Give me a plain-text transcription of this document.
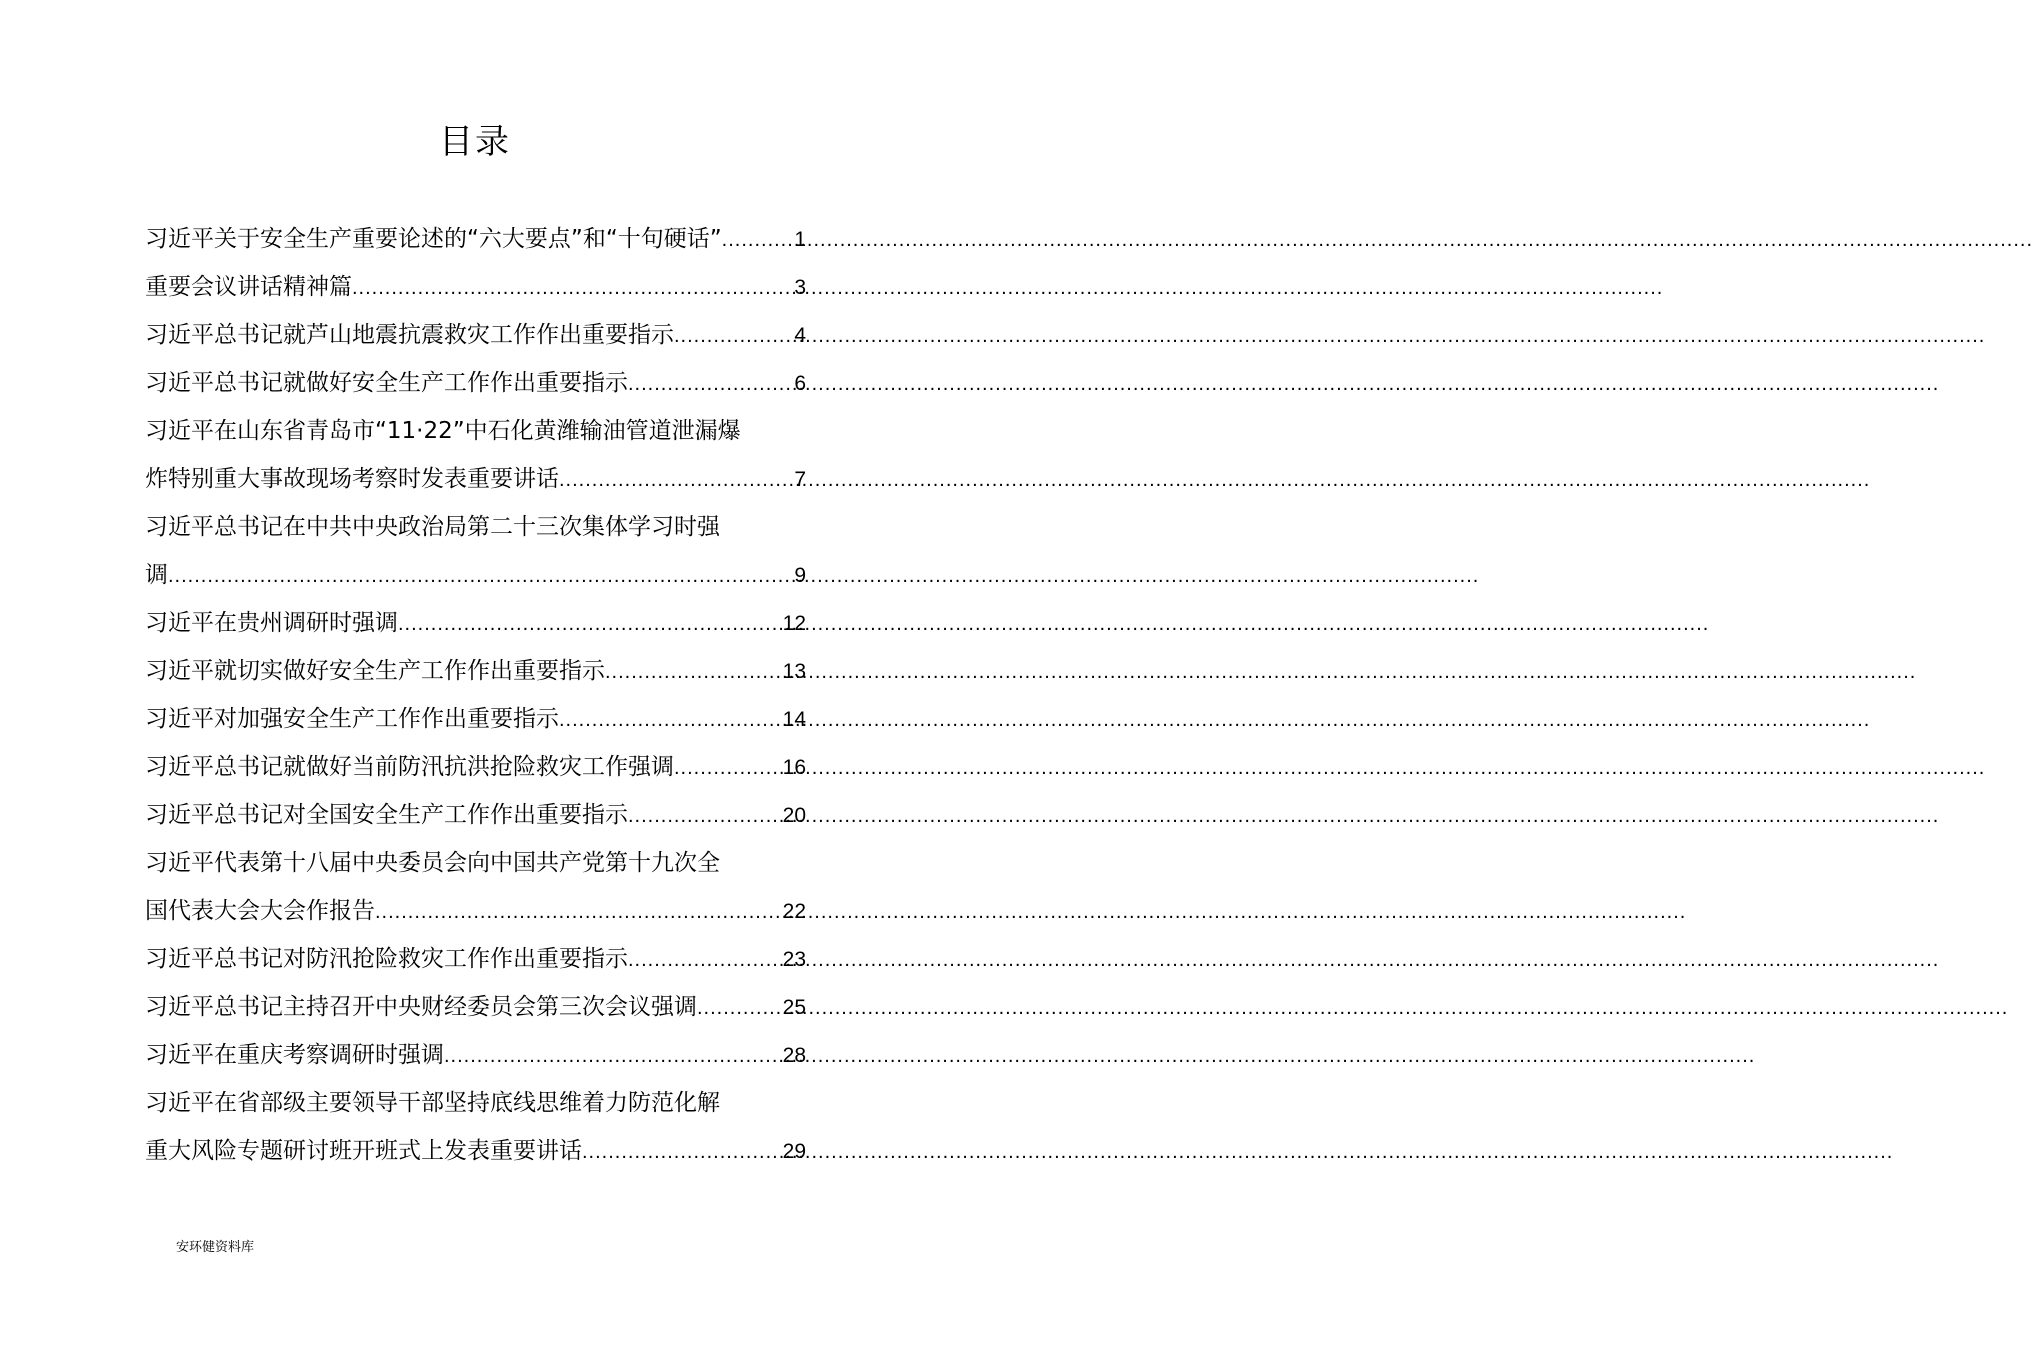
目录
习近平关于安全生产重要论述的“六大要点”和“十句硬话” .....	1
重要会议讲话精神篇 .....	3
习近平总书记就芦山地震抗震救灾工作作出重要指示 .....	4
习近平总书记就做好安全生产工作作出重要指示 .....	6
习近平在山东省青岛市“11·22”中石化黄潍输油管道泄漏爆
炸特别重大事故现场考察时发表重要讲话 .....	7
习近平总书记在中共中央政治局第二十三次集体学习时强
调 .....	9
习近平在贵州调研时强调 .....	12
习近平就切实做好安全生产工作作出重要指示 .....	13
习近平对加强安全生产工作作出重要指示 .....	14
习近平总书记就做好当前防汛抗洪抢险救灾工作强调 .....	16
习近平总书记对全国安全生产工作作出重要指示 .....	20
习近平代表第十八届中央委员会向中国共产党第十九次全
国代表大会大会作报告 .....	22
习近平总书记对防汛抢险救灾工作作出重要指示 .....	23
习近平总书记主持召开中央财经委员会第三次会议强调 .....	25
习近平在重庆考察调研时强调 .....	28
习近平在省部级主要领导干部坚持底线思维着力防范化解
重大风险专题研讨班开班式上发表重要讲话 .....	29
安环健资料库
